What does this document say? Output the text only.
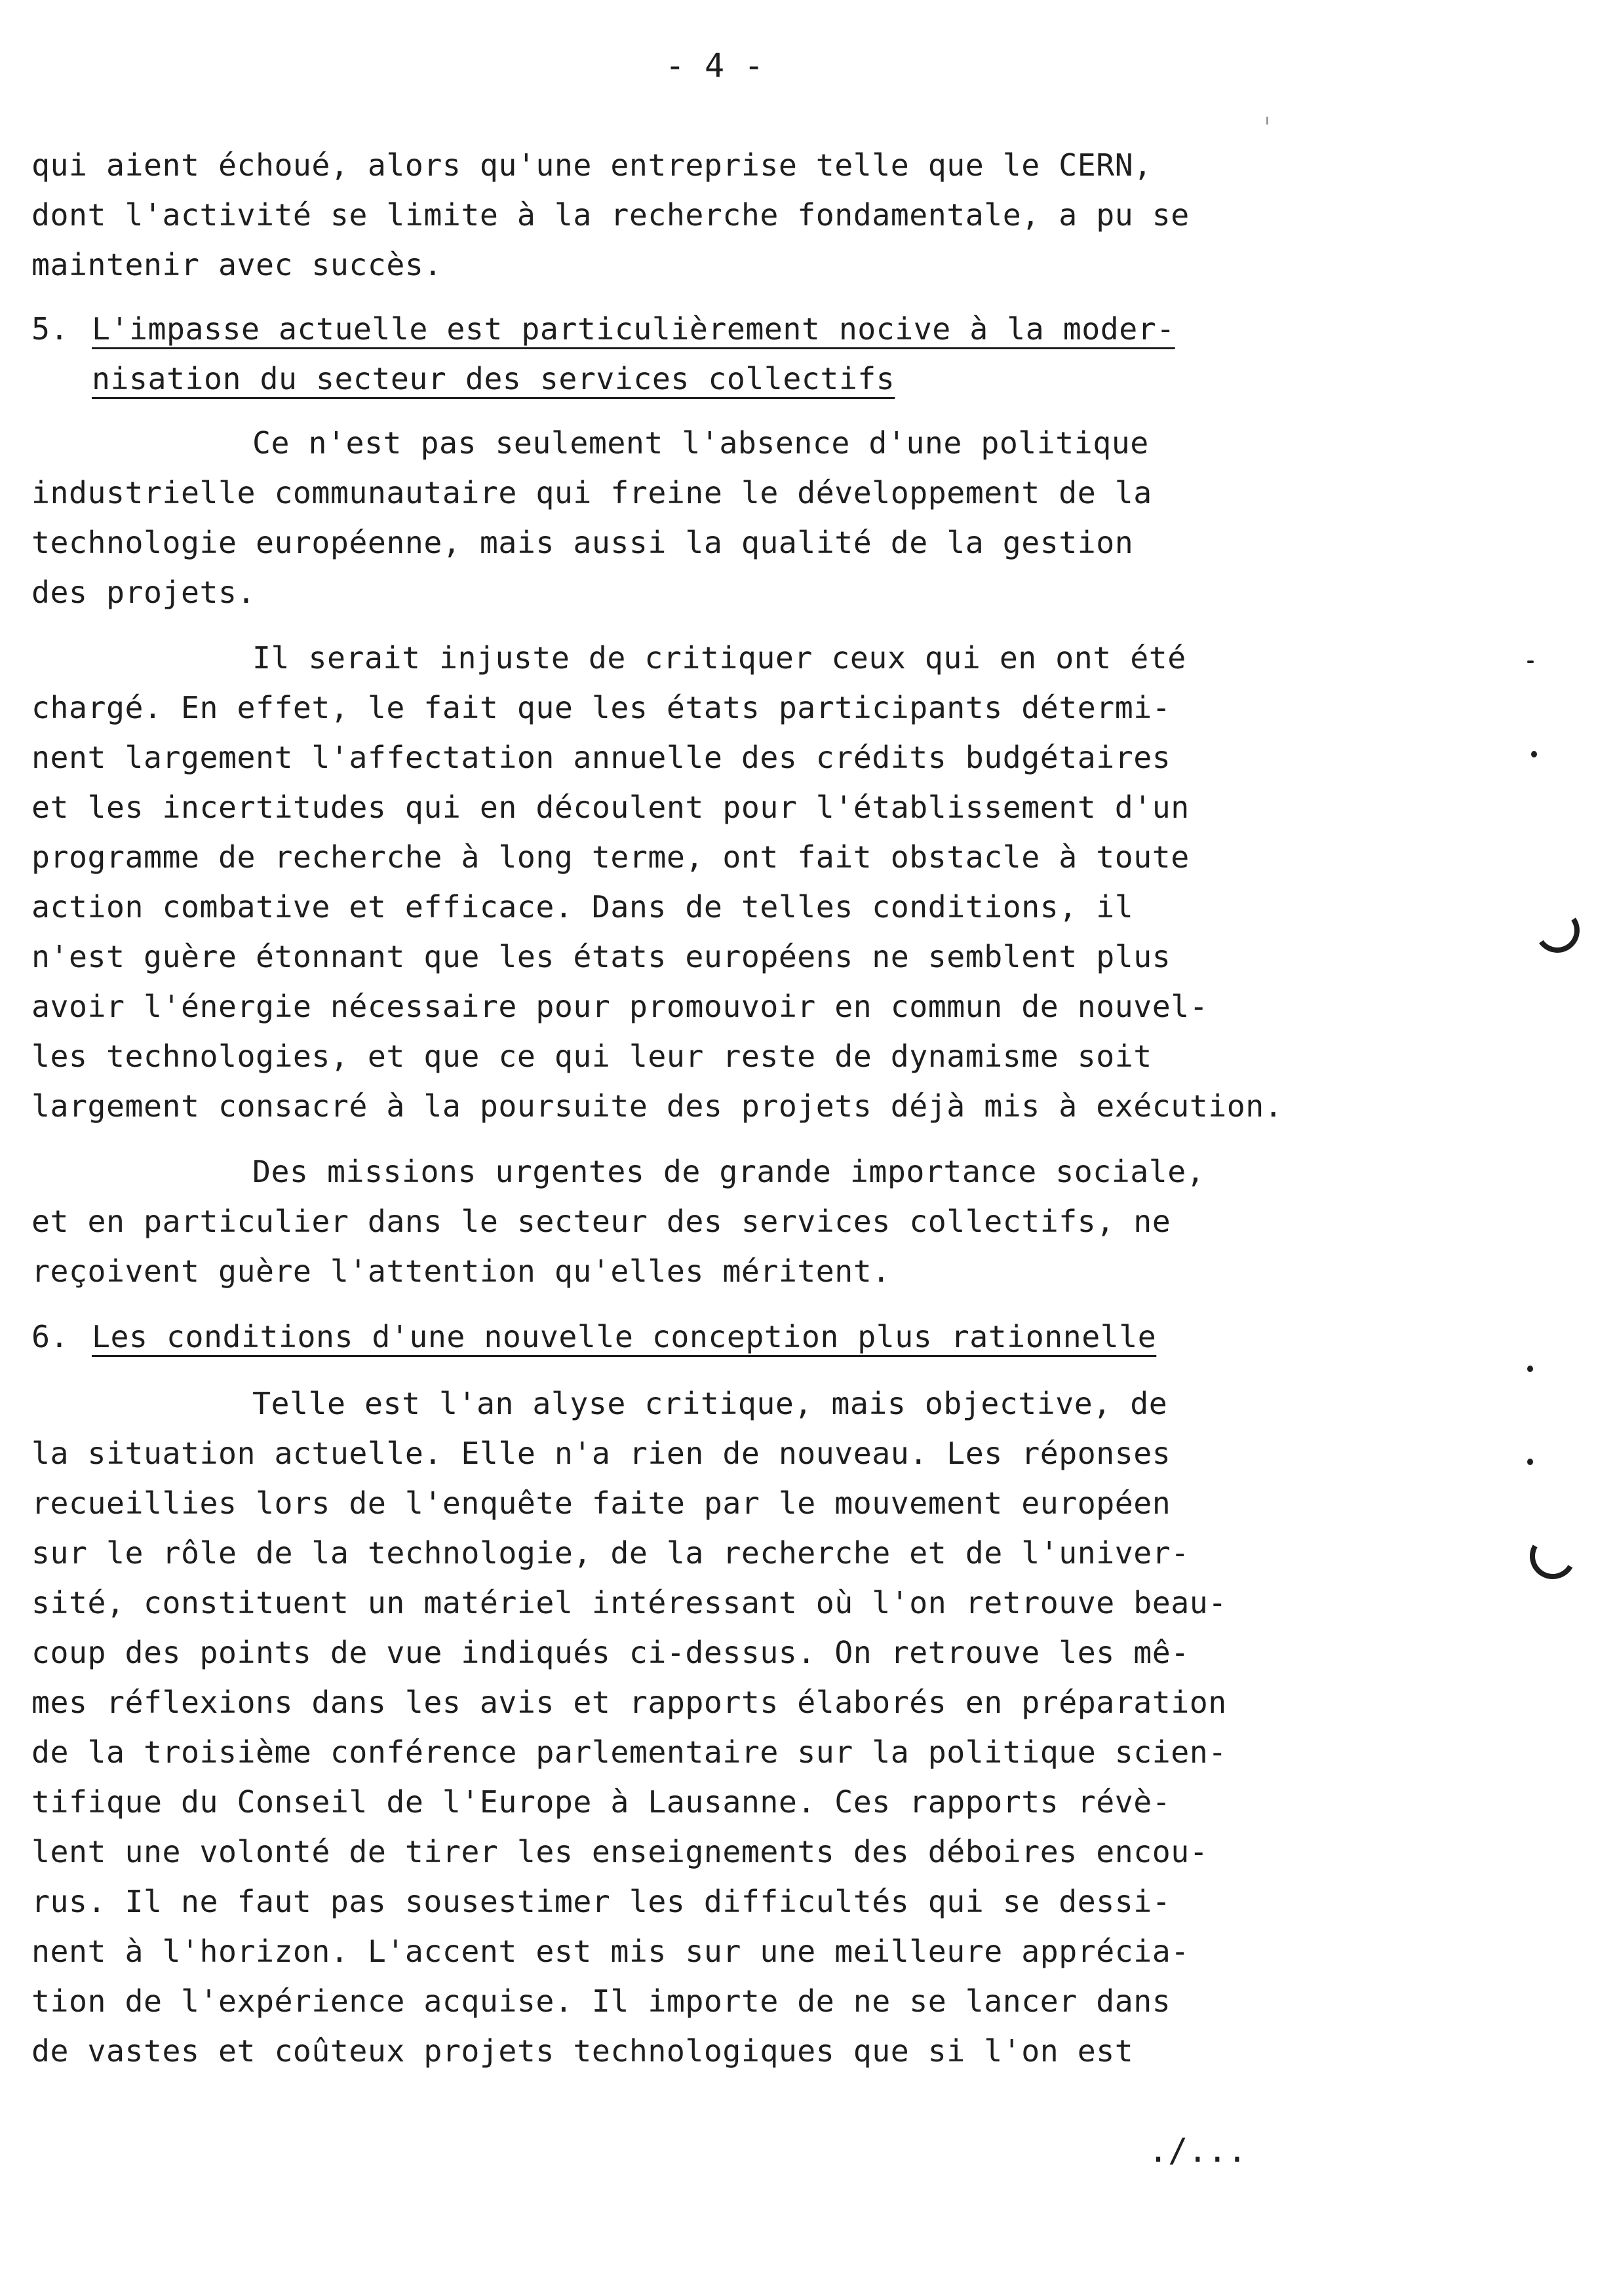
- 4 -
qui aient échoué, alors qu'une entreprise telle que le CERN,
dont l'activité se limite à la recherche fondamentale, a pu se
maintenir avec succès.
5. L'impasse actuelle est particulièrement nocive à la moder-
nisation du secteur des services collectifs
Ce n'est pas seulement l'absence d'une politique
industrielle communautaire qui freine le développement de la
technologie européenne, mais aussi la qualité de la gestion
des projets.
Il serait injuste de critiquer ceux qui en ont été
chargé. En effet, le fait que les états participants détermi-
nent largement l'affectation annuelle des crédits budgétaires
et les incertitudes qui en découlent pour l'établissement d'un
programme de recherche à long terme, ont fait obstacle à toute
action combative et efficace. Dans de telles conditions, il
n'est guère étonnant que les états européens ne semblent plus
avoir l'énergie nécessaire pour promouvoir en commun de nouvel-
les technologies, et que ce qui leur reste de dynamisme soit
largement consacré à la poursuite des projets déjà mis à exécution.
Des missions urgentes de grande importance sociale,
et en particulier dans le secteur des services collectifs, ne
reçoivent guère l'attention qu'elles méritent.
6. Les conditions d'une nouvelle conception plus rationnelle
Telle est l'an alyse critique, mais objective, de
la situation actuelle. Elle n'a rien de nouveau. Les réponses
recueillies lors de l'enquête faite par le mouvement européen
sur le rôle de la technologie, de la recherche et de l'univer-
sité, constituent un matériel intéressant où l'on retrouve beau-
coup des points de vue indiqués ci-dessus. On retrouve les mê-
mes réflexions dans les avis et rapports élaborés en préparation
de la troisième conférence parlementaire sur la politique scien-
tifique du Conseil de l'Europe à Lausanne. Ces rapports révè-
lent une volonté de tirer les enseignements des déboires encou-
rus. Il ne faut pas sousestimer les difficultés qui se dessi-
nent à l'horizon. L'accent est mis sur une meilleure apprécia-
tion de l'expérience acquise. Il importe de ne se lancer dans
de vastes et coûteux projets technologiques que si l'on est
./...
